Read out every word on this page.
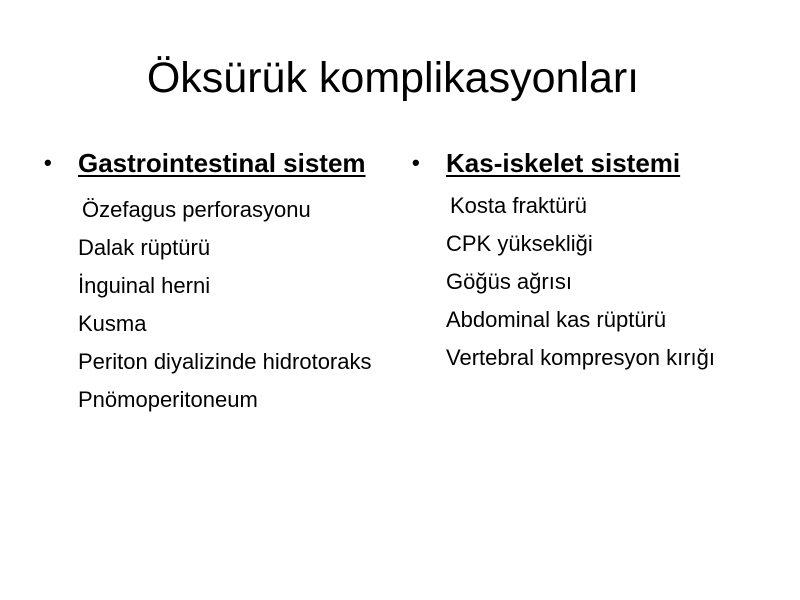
Öksürük komplikasyonları
• Gastrointestinal sistem
Özefagus perforasyonu
Dalak rüptürü
İnguinal herni
Kusma
Periton diyalizinde hidrotoraks
Pnömoperitoneum
• Kas-iskelet sistemi
Kosta fraktürü
CPK yüksekliği
Göğüs ağrısı
Abdominal kas rüptürü
Vertebral kompresyon kırığı
